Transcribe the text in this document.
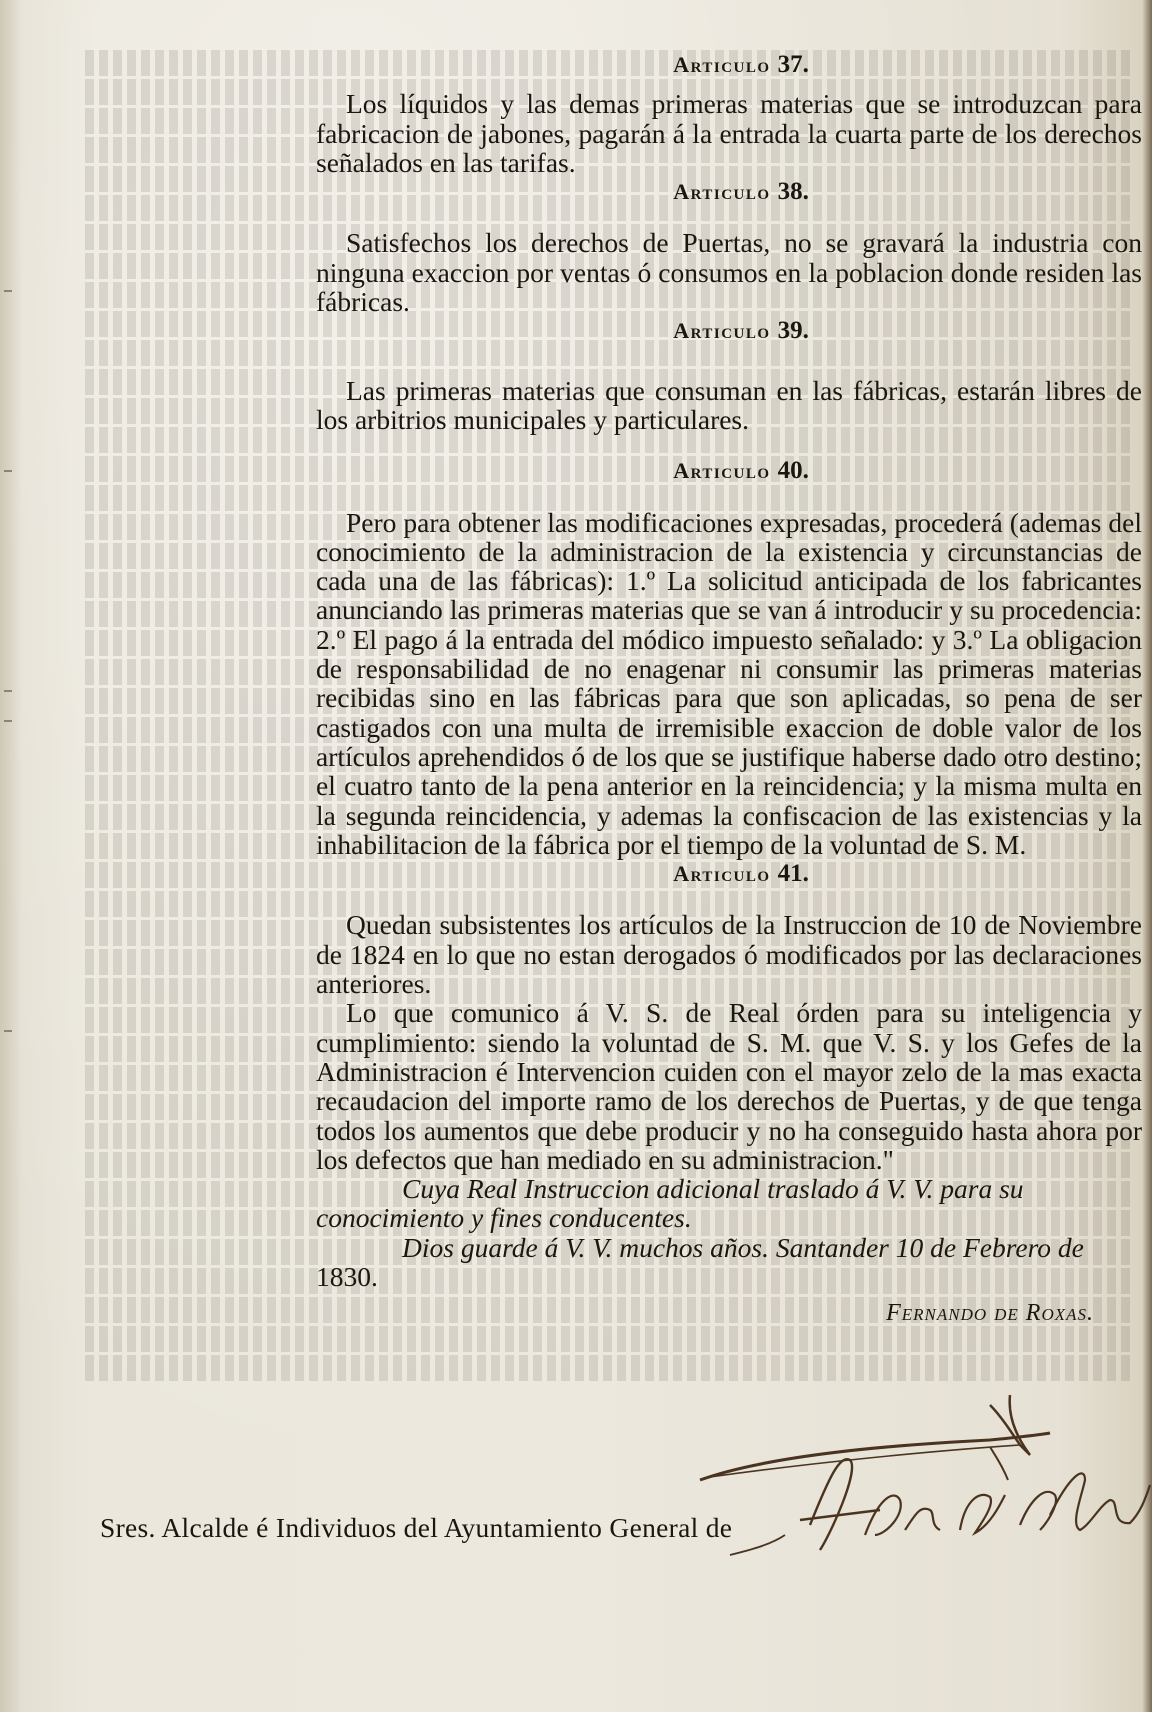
Articulo 37.

Los líquidos y las demas primeras materias que se introduzcan para fabricacion de jabones, pagarán á la entrada la cuarta parte de los derechos señalados en las tarifas.

Articulo 38.

Satisfechos los derechos de Puertas, no se gravará la industria con ninguna exaccion por ventas ó consumos en la poblacion donde residen las fábricas.

Articulo 39.

Las primeras materias que consuman en las fábricas, estarán libres de los arbitrios municipales y particulares.

Articulo 40.

Pero para obtener las modificaciones expresadas, procederá (ademas del conocimiento de la administracion de la existencia y circunstancias de cada una de las fábricas): 1.º La solicitud anticipada de los fabricantes anunciando las primeras materias que se van á introducir y su procedencia: 2.º El pago á la entrada del módico impuesto señalado: y 3.º La obligacion de responsabilidad de no enagenar ni consumir las primeras materias recibidas sino en las fábricas para que son aplicadas, so pena de ser castigados con una multa de irremisible exaccion de doble valor de los artículos aprehendidos ó de los que se justifique haberse dado otro destino; el cuatro tanto de la pena anterior en la reincidencia; y la misma multa en la segunda reincidencia, y ademas la confiscacion de las existencias y la inhabilitacion de la fábrica por el tiempo de la voluntad de S. M.

Articulo 41.

Quedan subsistentes los artículos de la Instruccion de 10 de Noviembre de 1824 en lo que no estan derogados ó modificados por las declaraciones anteriores.

Lo que comunico á V. S. de Real órden para su inteligencia y cumplimiento: siendo la voluntad de S. M. que V. S. y los Gefes de la Administracion é Intervencion cuiden con el mayor zelo de la mas exacta recaudacion del importe ramo de los derechos de Puertas, y de que tenga todos los aumentos que debe producir y no ha conseguido hasta ahora por los defectos que han mediado en su administracion."

Cuya Real Instruccion adicional traslado á V. V. para su conocimiento y fines conducentes.

Dios guarde á V. V. muchos años. Santander 10 de Febrero de

1830.

Fernando de Roxas.

Alfor de Lloriad
Sres. Alcalde é Individuos del Ayuntamiento General de
